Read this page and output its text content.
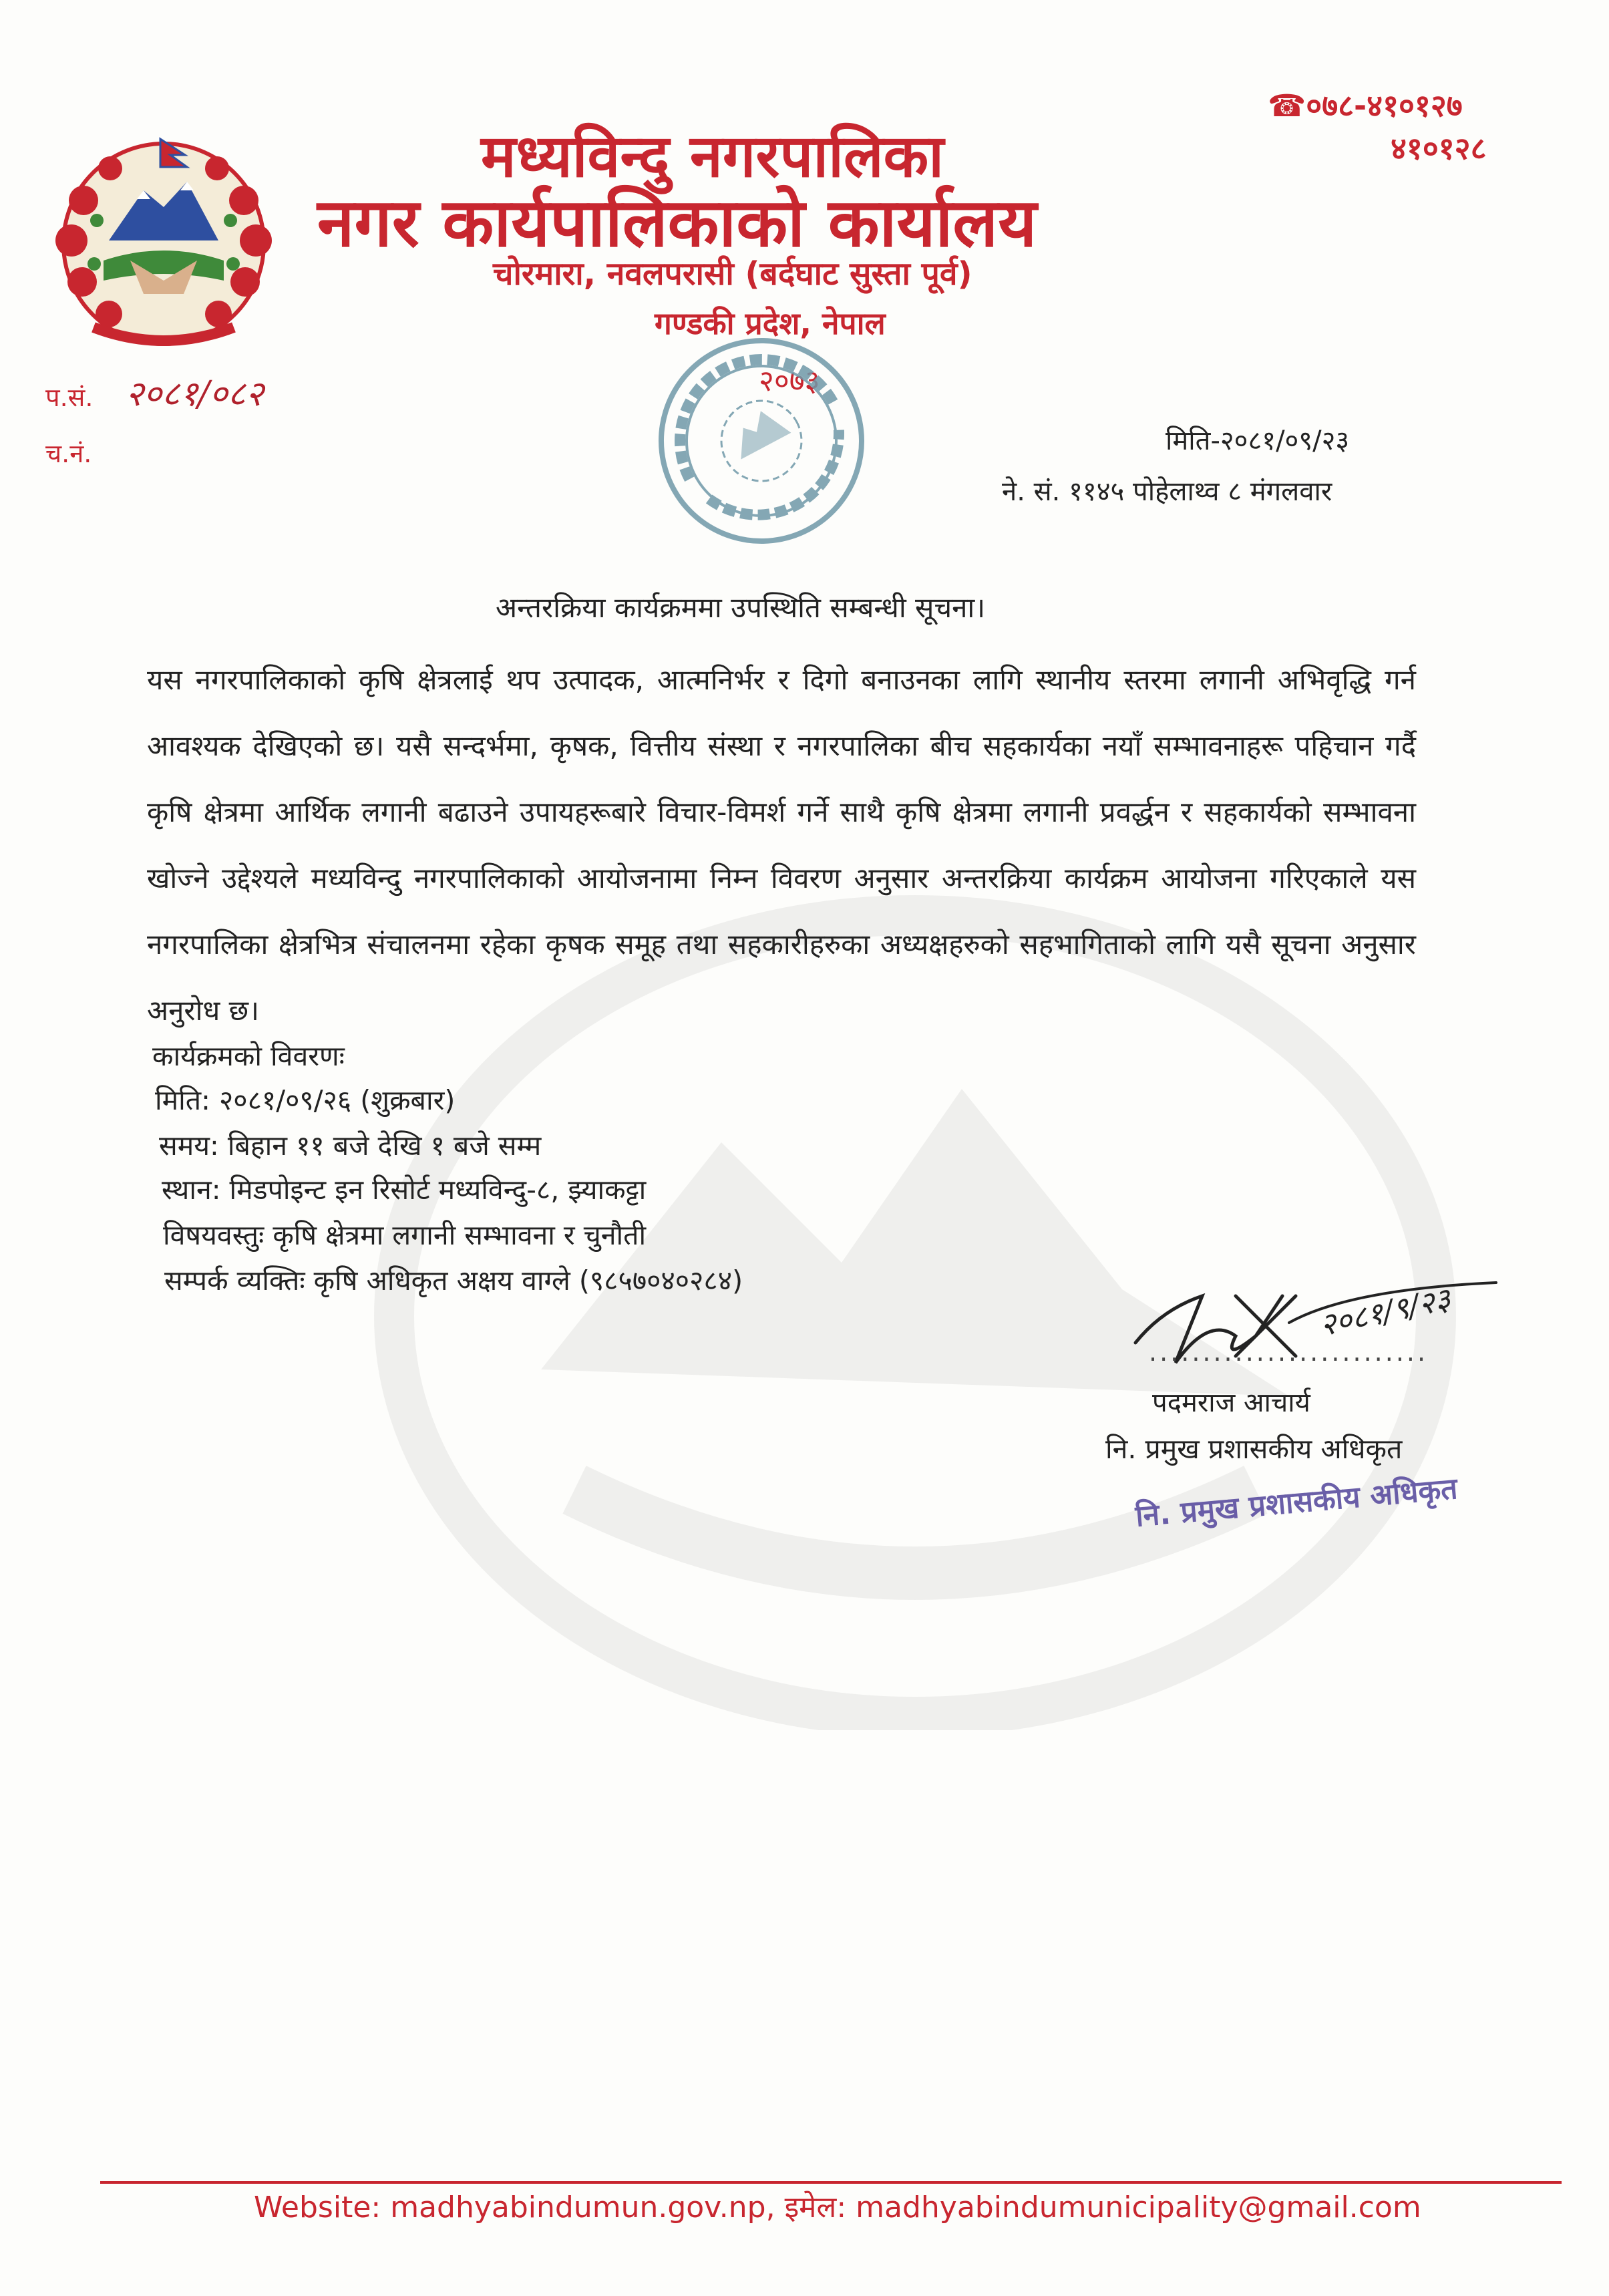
मध्यविन्दु नगरपालिका
नगर कार्यपालिकाको कार्यालय
चोरमारा, नवलपरासी (बर्दघाट सुस्ता पूर्व)
गण्डकी प्रदेश, नेपाल
२०७३
☎०७८-४१०१२७
४१०१२८
प.सं. २०८१/०८२
च.नं.	मिति-२०८१/०९/२३
ने. सं. ११४५ पोहेलाथ्व ८ मंगलवार
अन्तरक्रिया कार्यक्रममा उपस्थिति सम्बन्धी सूचना।
यस नगरपालिकाको कृषि क्षेत्रलाई थप उत्पादक, आत्मनिर्भर र दिगो बनाउनका लागि स्थानीय स्तरमा लगानी अभिवृद्धि गर्न आवश्यक देखिएको छ। यसै सन्दर्भमा, कृषक, वित्तीय संस्था र नगरपालिका बीच सहकार्यका नयाँ सम्भावनाहरू पहिचान गर्दै कृषि क्षेत्रमा आर्थिक लगानी बढाउने उपायहरूबारे विचार-विमर्श गर्ने साथै कृषि क्षेत्रमा लगानी प्रवर्द्धन र सहकार्यको सम्भावना खोज्ने उद्देश्यले मध्यविन्दु नगरपालिकाको आयोजनामा निम्न विवरण अनुसार अन्तरक्रिया कार्यक्रम आयोजना गरिएकाले यस नगरपालिका क्षेत्रभित्र संचालनमा रहेका कृषक समूह तथा सहकारीहरुका अध्यक्षहरुको सहभागिताको लागि यसै सूचना अनुसार अनुरोध छ।
कार्यक्रमको विवरणः
मिति: २०८१/०९/२६ (शुक्रबार)
समय: बिहान ११ बजे देखि १ बजे सम्म
स्थान: मिडपोइन्ट इन रिसोर्ट मध्यविन्दु-८, झ्याकट्टा
विषयवस्तुः कृषि क्षेत्रमा लगानी सम्भावना र चुनौती
सम्पर्क व्यक्तिः कृषि अधिकृत अक्षय वाग्ले (९८५७०४०२८४)	२०८१/९/२३
..........................
पदमराज आचार्य
नि. प्रमुख प्रशासकीय अधिकृत
नि. प्रमुख प्रशासकीय अधिकृत
Website: madhyabindumun.gov.np, इमेल: madhyabindumunicipality@gmail.com
